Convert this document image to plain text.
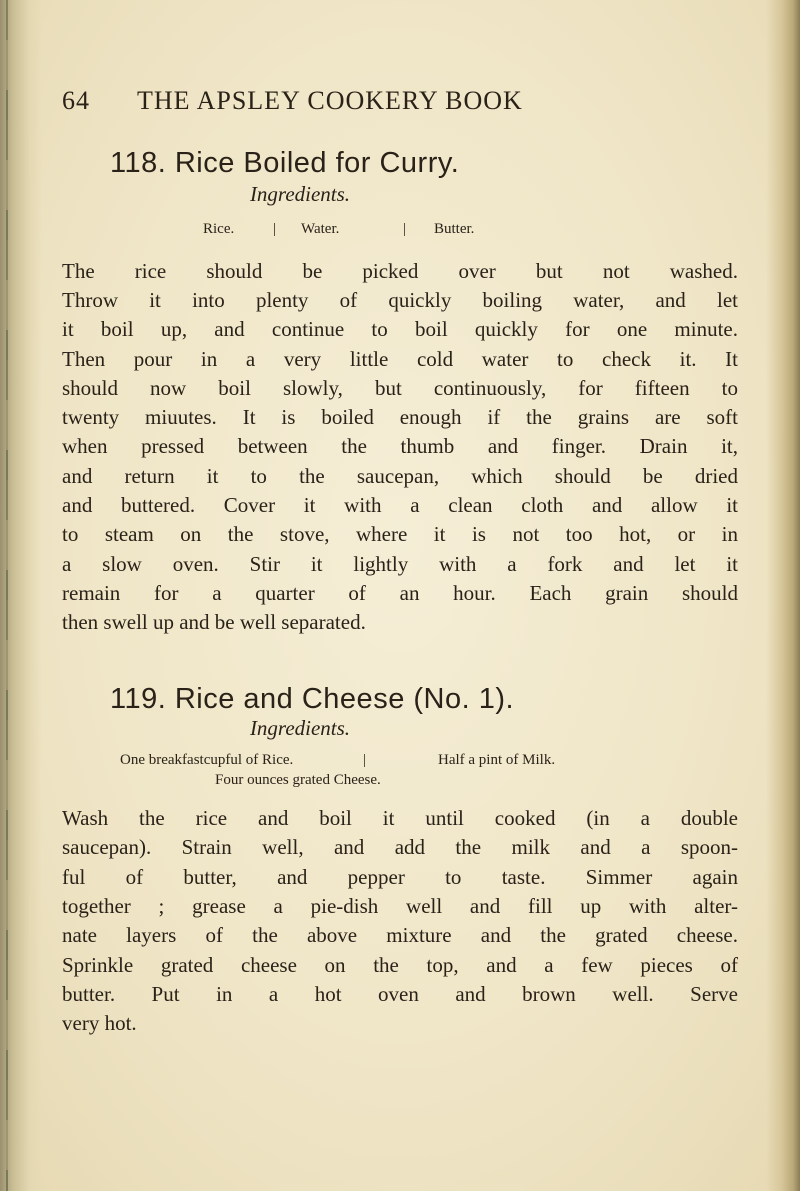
64 THE APSLEY COOKERY BOOK
118. Rice Boiled for Curry.
Ingredients.
Rice.	| Water.	| Butter.
The rice should be picked over but not washed.
Throw it into plenty of quickly boiling water, and let
it boil up, and continue to boil quickly for one minute.
Then pour in a very little cold water to check it. It
should now boil slowly, but continuously, for fifteen to
twenty miuutes. It is boiled enough if the grains are soft
when pressed between the thumb and finger. Drain it,
and return it to the saucepan, which should be dried
and buttered. Cover it with a clean cloth and allow it
to steam on the stove, where it is not too hot, or in
a slow oven. Stir it lightly with a fork and let it
remain for a quarter of an hour. Each grain should
then swell up and be well separated.
119. Rice and Cheese (No. 1).
Ingredients.
One breakfastcupful of Rice.	|	Half a pint of Milk.
Four ounces grated Cheese.
Wash the rice and boil it until cooked (in a double
saucepan). Strain well, and add the milk and a spoon-
ful of butter, and pepper to taste. Simmer again
together ; grease a pie-dish well and fill up with alter-
nate layers of the above mixture and the grated cheese.
Sprinkle grated cheese on the top, and a few pieces of
butter. Put in a hot oven and brown well. Serve
very hot.
